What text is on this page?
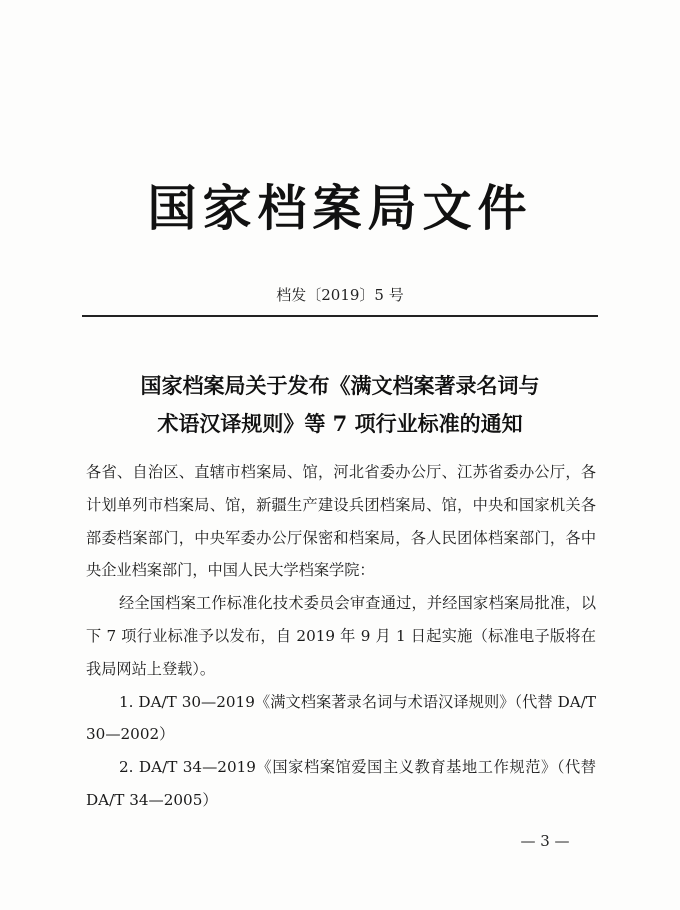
国家档案局文件
档发〔2019〕5 号
国家档案局关于发布《满文档案著录名词与
术语汉译规则》等 7 项行业标准的通知

各省、自治区、直辖市档案局、馆，河北省委办公厅、江苏省委办公厅，各计划单列市档案局、馆，新疆生产建设兵团档案局、馆，中央和国家机关各部委档案部门，中央军委办公厅保密和档案局，各人民团体档案部门，各中央企业档案部门，中国人民大学档案学院：

经全国档案工作标准化技术委员会审查通过，并经国家档案局批准，以下 7 项行业标准予以发布，自 2019 年 9 月 1 日起实施（标准电子版将在我局网站上登载）。

1. DA/T 30—2019《满文档案著录名词与术语汉译规则》（代替 DA/T 30—2002）

2. DA/T 34—2019《国家档案馆爱国主义教育基地工作规范》（代替 DA/T 34—2005）

— 3 —
